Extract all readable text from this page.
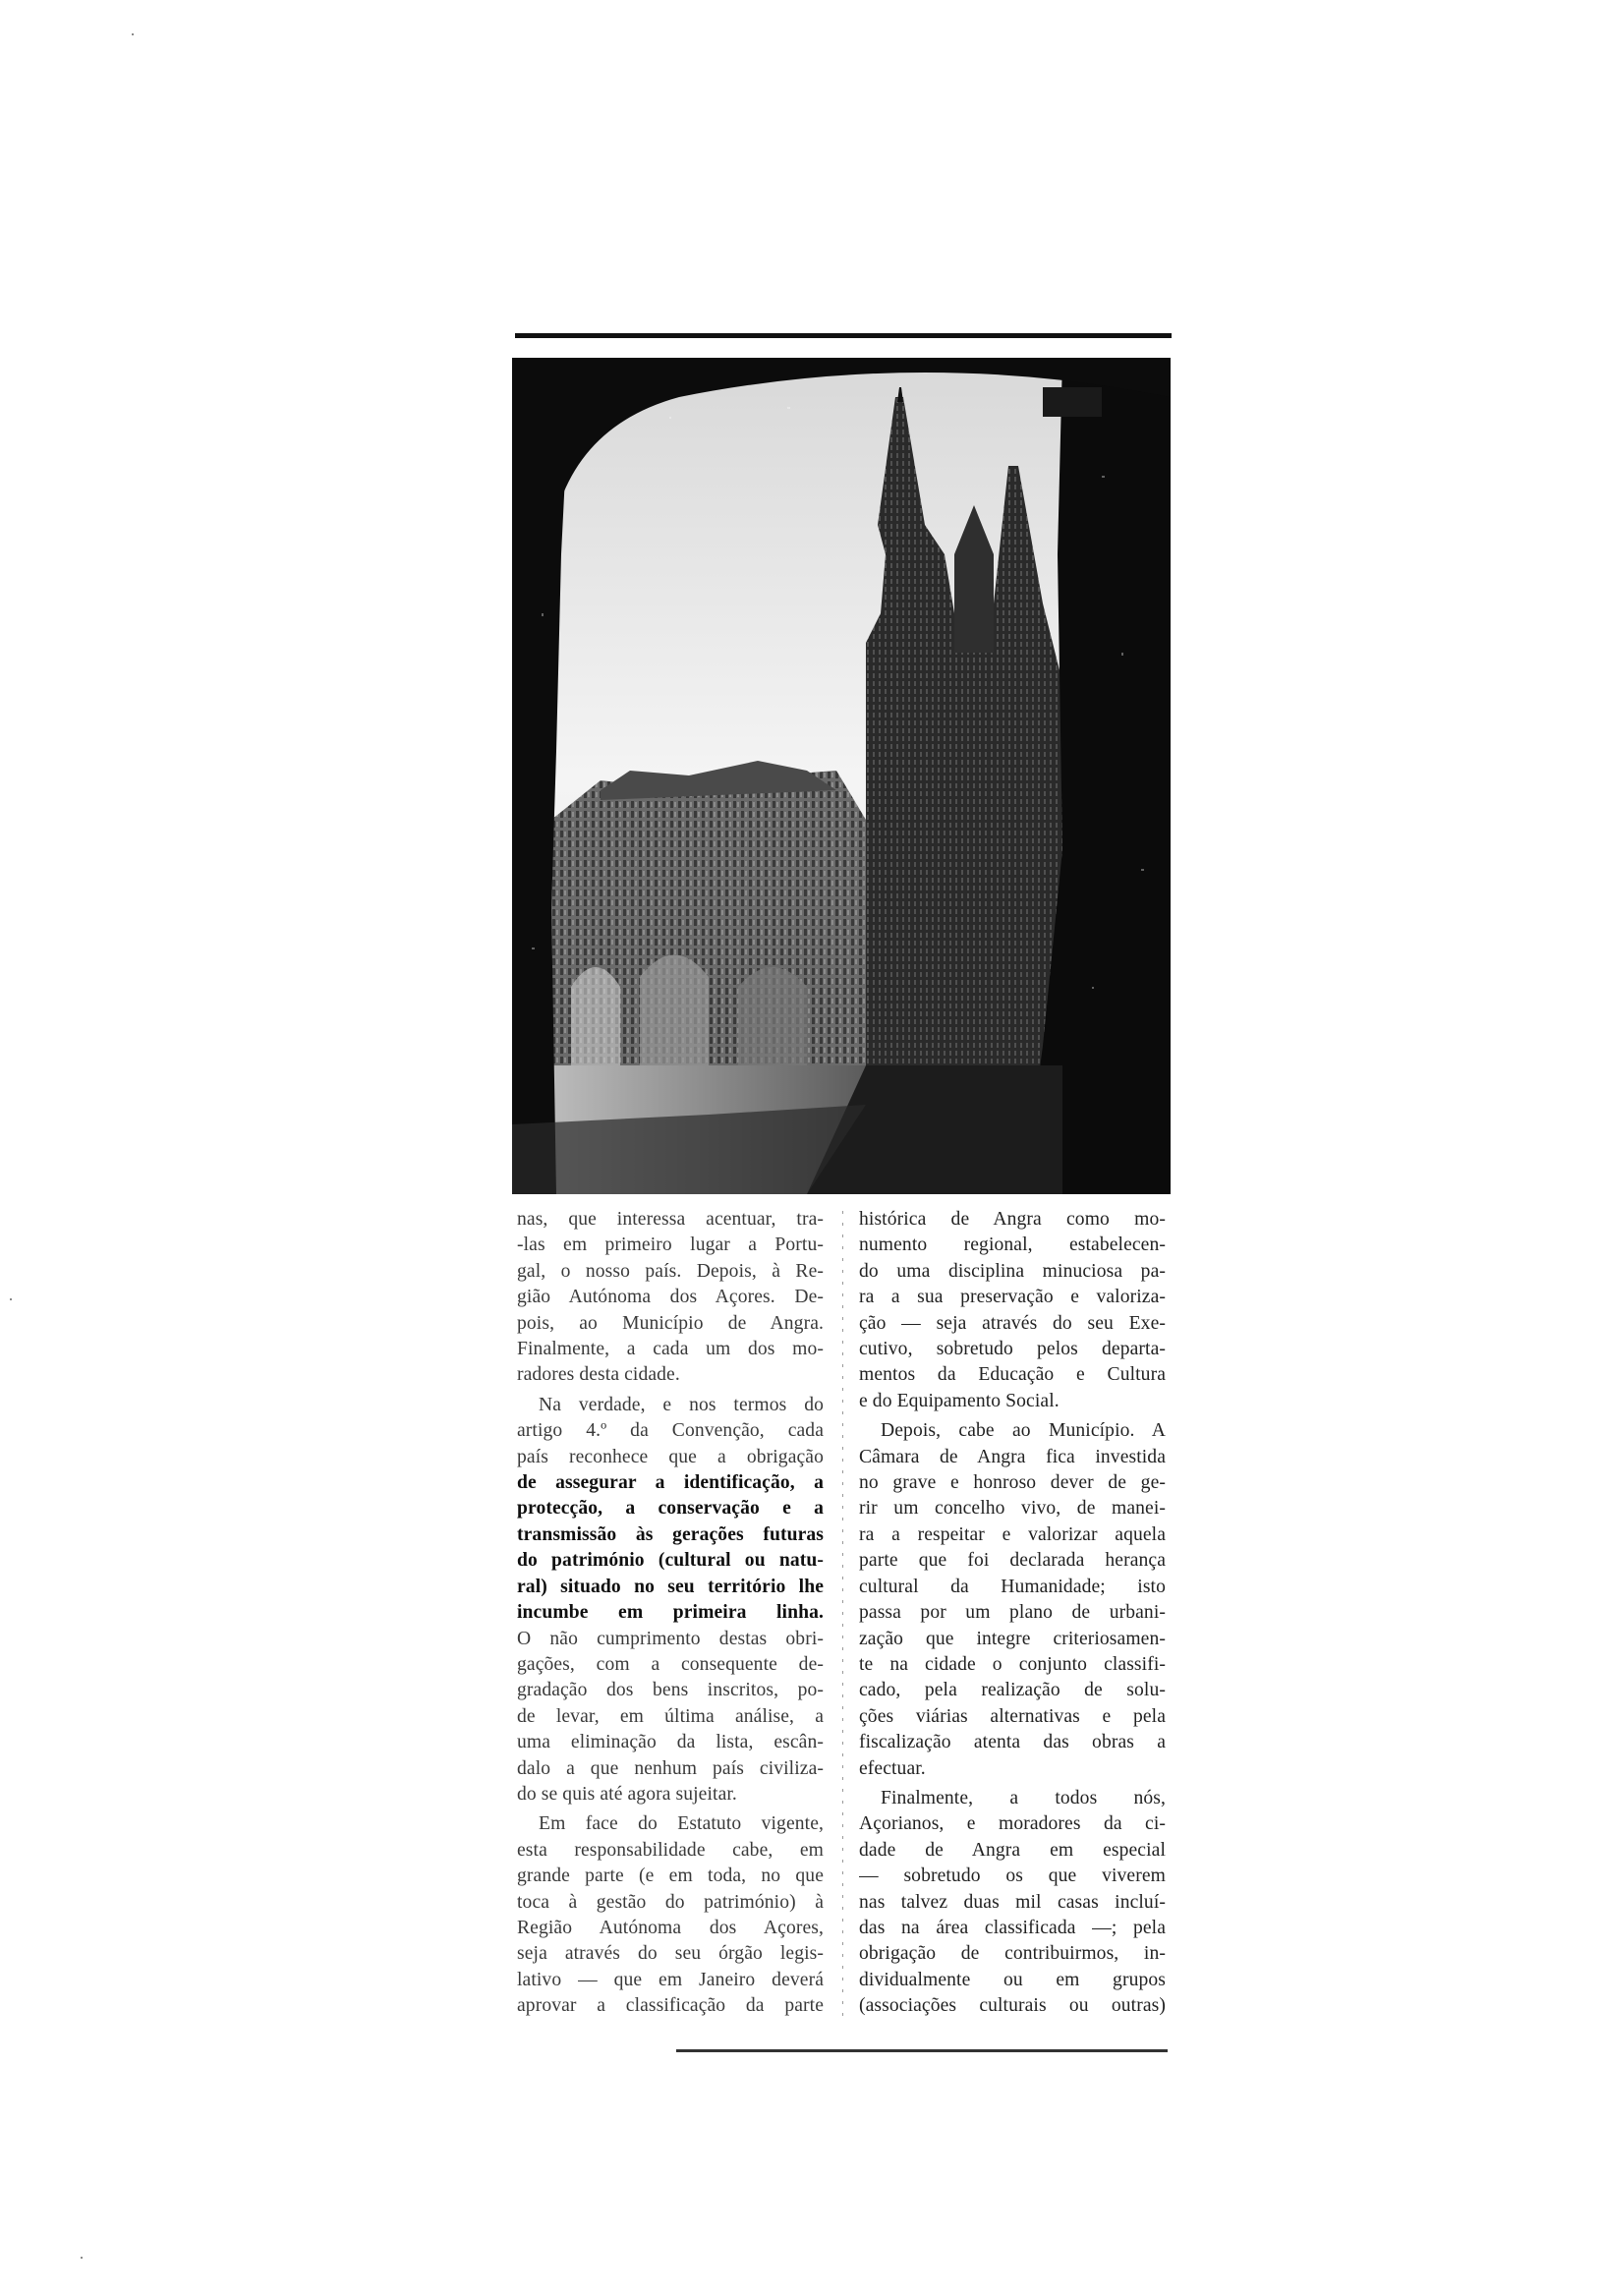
nas, que interessa acentuar, tra-
-las em primeiro lugar a Portu-
gal, o nosso país. Depois, à Re-
gião Autónoma dos Açores. De-
pois, ao Município de Angra.
Finalmente, a cada um dos mo-
radores desta cidade.
Na verdade, e nos termos do
artigo 4.º da Convenção, cada
país reconhece que a obrigação
de assegurar a identificação, a
protecção, a conservação e a
transmissão às gerações futuras
do património (cultural ou natu-
ral) situado no seu território lhe
incumbe em primeira linha.
O não cumprimento destas obri-
gações, com a consequente de-
gradação dos bens inscritos, po-
de levar, em última análise, a
uma eliminação da lista, escân-
dalo a que nenhum país civiliza-
do se quis até agora sujeitar.
Em face do Estatuto vigente,
esta responsabilidade cabe, em
grande parte (e em toda, no que
toca à gestão do património) à
Região Autónoma dos Açores,
seja através do seu órgão legis-
lativo — que em Janeiro deverá
aprovar a classificação da parte
histórica de Angra como mo-
numento regional, estabelecen-
do uma disciplina minuciosa pa-
ra a sua preservação e valoriza-
ção — seja através do seu Exe-
cutivo, sobretudo pelos departa-
mentos da Educação e Cultura
e do Equipamento Social.
Depois, cabe ao Município. A
Câmara de Angra fica investida
no grave e honroso dever de ge-
rir um concelho vivo, de manei-
ra a respeitar e valorizar aquela
parte que foi declarada herança
cultural da Humanidade; isto
passa por um plano de urbani-
zação que integre criteriosamen-
te na cidade o conjunto classifi-
cado, pela realização de solu-
ções viárias alternativas e pela
fiscalização atenta das obras a
efectuar.
Finalmente, a todos nós,
Açorianos, e moradores da ci-
dade de Angra em especial
— sobretudo os que viverem
nas talvez duas mil casas incluí-
das na área classificada —; pela
obrigação de contribuirmos, in-
dividualmente ou em grupos
(associações culturais ou outras)
